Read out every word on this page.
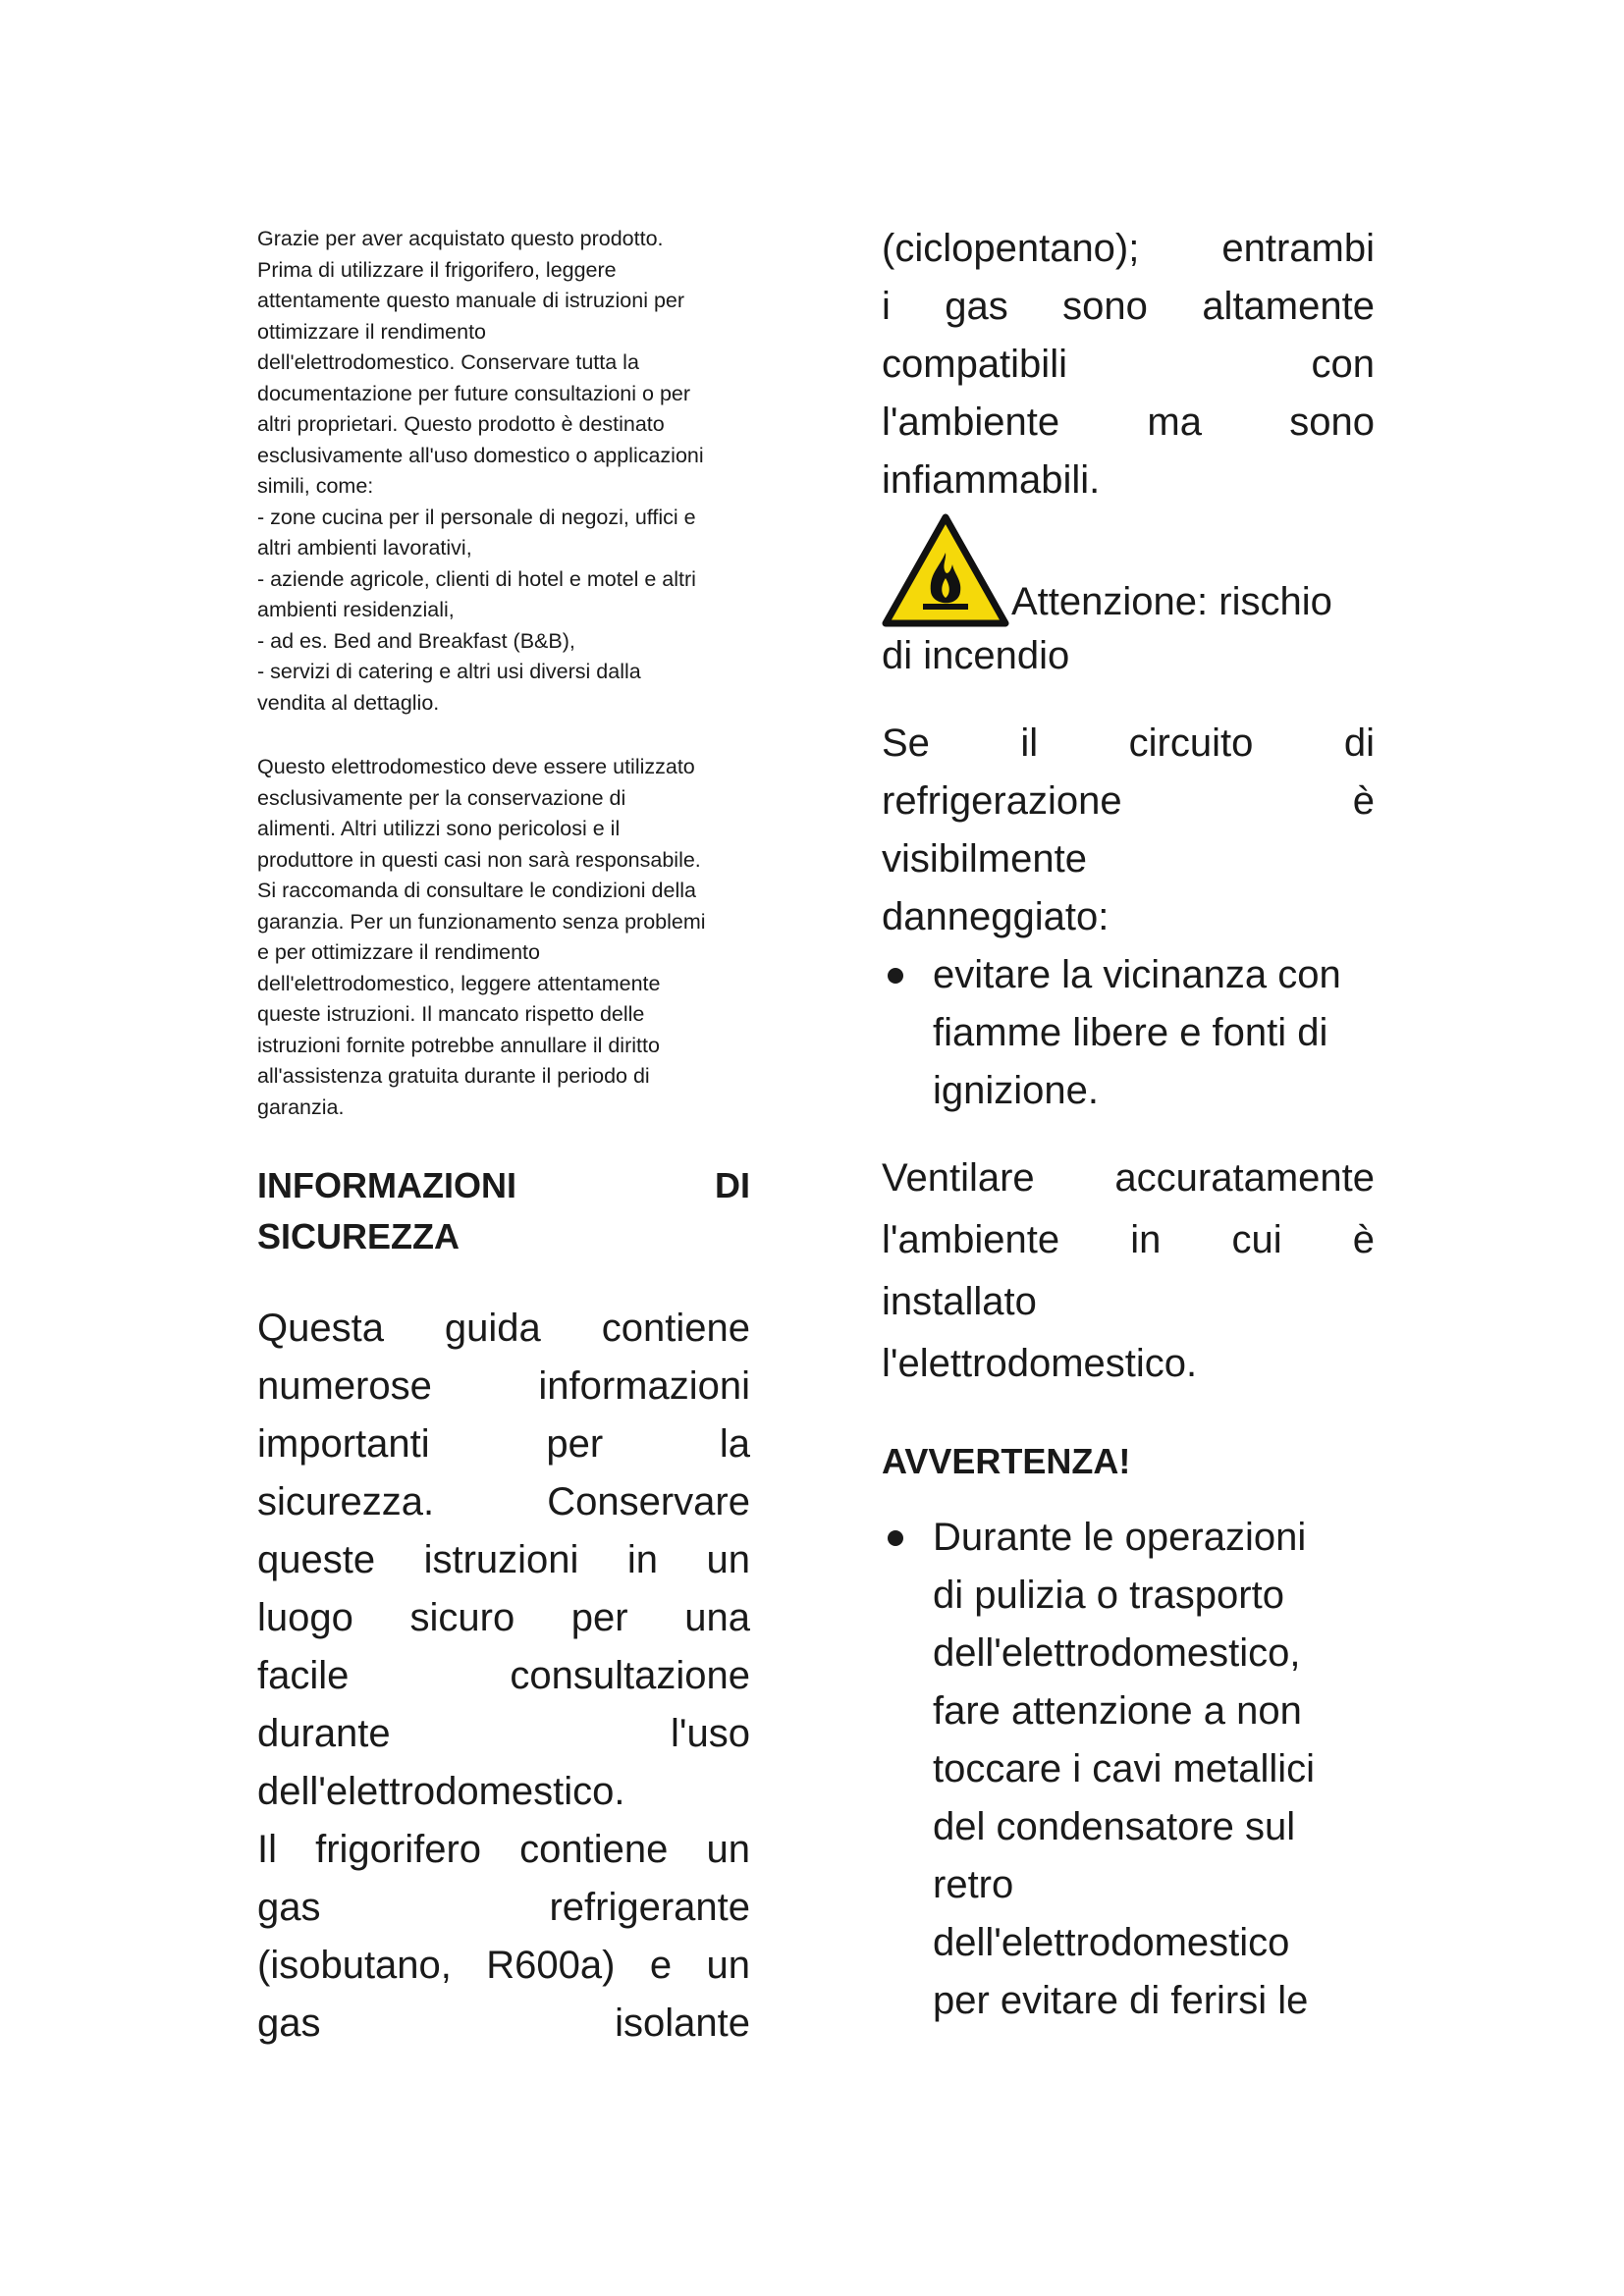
Grazie per aver acquistato questo prodotto.
Prima di utilizzare il frigorifero, leggere
attentamente questo manuale di istruzioni per
ottimizzare il rendimento
dell'elettrodomestico. Conservare tutta la
documentazione per future consultazioni o per
altri proprietari. Questo prodotto è destinato
esclusivamente all'uso domestico o applicazioni
simili, come:
- zone cucina per il personale di negozi, uffici e
altri ambienti lavorativi,
- aziende agricole, clienti di hotel e motel e altri
ambienti residenziali,
- ad es. Bed and Breakfast (B&B),
- servizi di catering e altri usi diversi dalla
vendita al dettaglio.

Questo elettrodomestico deve essere utilizzato
esclusivamente per la conservazione di
alimenti. Altri utilizzi sono pericolosi e il
produttore in questi casi non sarà responsabile.
Si raccomanda di consultare le condizioni della
garanzia. Per un funzionamento senza problemi
e per ottimizzare il rendimento
dell'elettrodomestico, leggere attentamente
queste istruzioni. Il mancato rispetto delle
istruzioni fornite potrebbe annullare il diritto
all'assistenza gratuita durante il periodo di
garanzia.

INFORMAZIONI	DI
SICUREZZA
Questa guida contiene
numerose	informazioni
importanti	per	la
sicurezza.	Conservare
queste istruzioni in un
luogo sicuro per una
facile	consultazione
durante	l'uso
dell'elettrodomestico.
Il frigorifero contiene un
gas	refrigerante
(isobutano, R600a) e un
gas	isolante
(ciclopentano); entrambi
i gas sono altamente
compatibili	con
l'ambiente ma sono
infiammabili.
Attenzione: rischio
di incendio
Se il circuito di
refrigerazione	è
visibilmente
danneggiato:
evitare la vicinanza con
fiamme libere e fonti di
ignizione.
Ventilare accuratamente
l'ambiente in cui è
installato
l'elettrodomestico.
AVVERTENZA!
Durante le operazioni
di pulizia o trasporto
dell'elettrodomestico,
fare attenzione a non
toccare i cavi metallici
del condensatore sul
retro
dell'elettrodomestico
per evitare di ferirsi le
